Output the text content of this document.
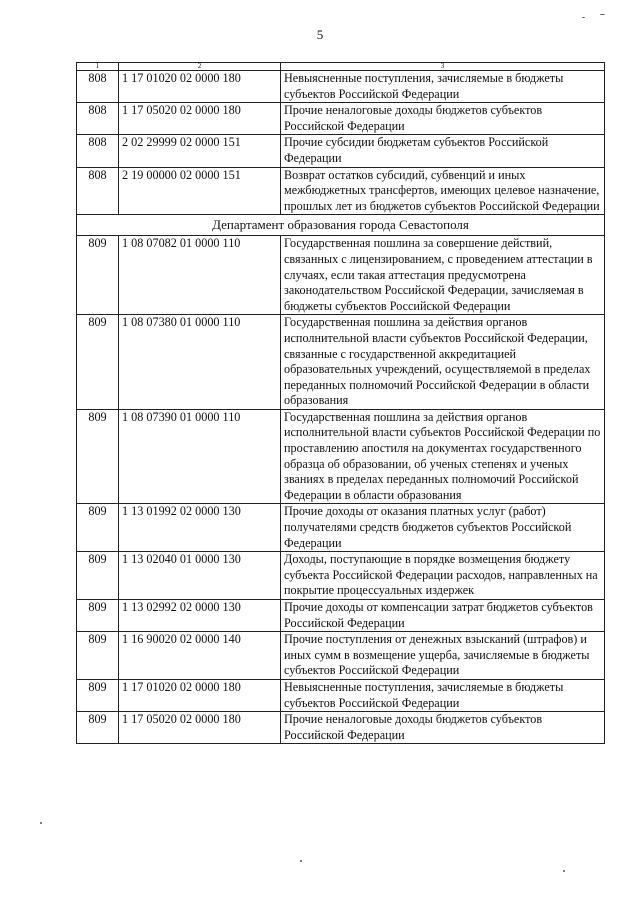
5
1	2	3
808	1 17 01020 02 0000 180	Невыясненные поступления, зачисляемые в бюджеты субъектов Российской Федерации
808	1 17 05020 02 0000 180	Прочие неналоговые доходы бюджетов субъектов Российской Федерации
808	2 02 29999 02 0000 151	Прочие субсидии бюджетам субъектов Российской Федерации
808	2 19 00000 02 0000 151	Возврат остатков субсидий, субвенций и иных межбюджетных трансфертов, имеющих целевое назначение, прошлых лет из бюджетов субъектов Российской Федерации
Департамент образования города Севастополя		
809	1 08 07082 01 0000 110	Государственная пошлина за совершение действий, связанных с лицензированием, с проведением аттестации в случаях, если такая аттестация предусмотрена законодательством Российской Федерации, зачисляемая в бюджеты субъектов Российской Федерации
809	1 08 07380 01 0000 110	Государственная пошлина за действия органов исполнительной власти субъектов Российской Федерации, связанные с государственной аккредитацией образовательных учреждений, осуществляемой в пределах переданных полномочий Российской Федерации в области образования
809	1 08 07390 01 0000 110	Государственная пошлина за действия органов исполнительной власти субъектов Российской Федерации по проставлению апостиля на документах государственного образца об образовании, об ученых степенях и ученых званиях в пределах переданных полномочий Российской Федерации в области образования
809	1 13 01992 02 0000 130	Прочие доходы от оказания платных услуг (работ) получателями средств бюджетов субъектов Российской Федерации
809	1 13 02040 01 0000 130	Доходы, поступающие в порядке возмещения бюджету субъекта Российской Федерации расходов, направленных на покрытие процессуальных издержек
809	1 13 02992 02 0000 130	Прочие доходы от компенсации затрат бюджетов субъектов Российской Федерации
809	1 16 90020 02 0000 140	Прочие поступления от денежных взысканий (штрафов) и иных сумм в возмещение ущерба, зачисляемые в бюджеты субъектов Российской Федерации
809	1 17 01020 02 0000 180	Невыясненные поступления, зачисляемые в бюджеты субъектов Российской Федерации
809	1 17 05020 02 0000 180	Прочие неналоговые доходы бюджетов субъектов Российской Федерации
